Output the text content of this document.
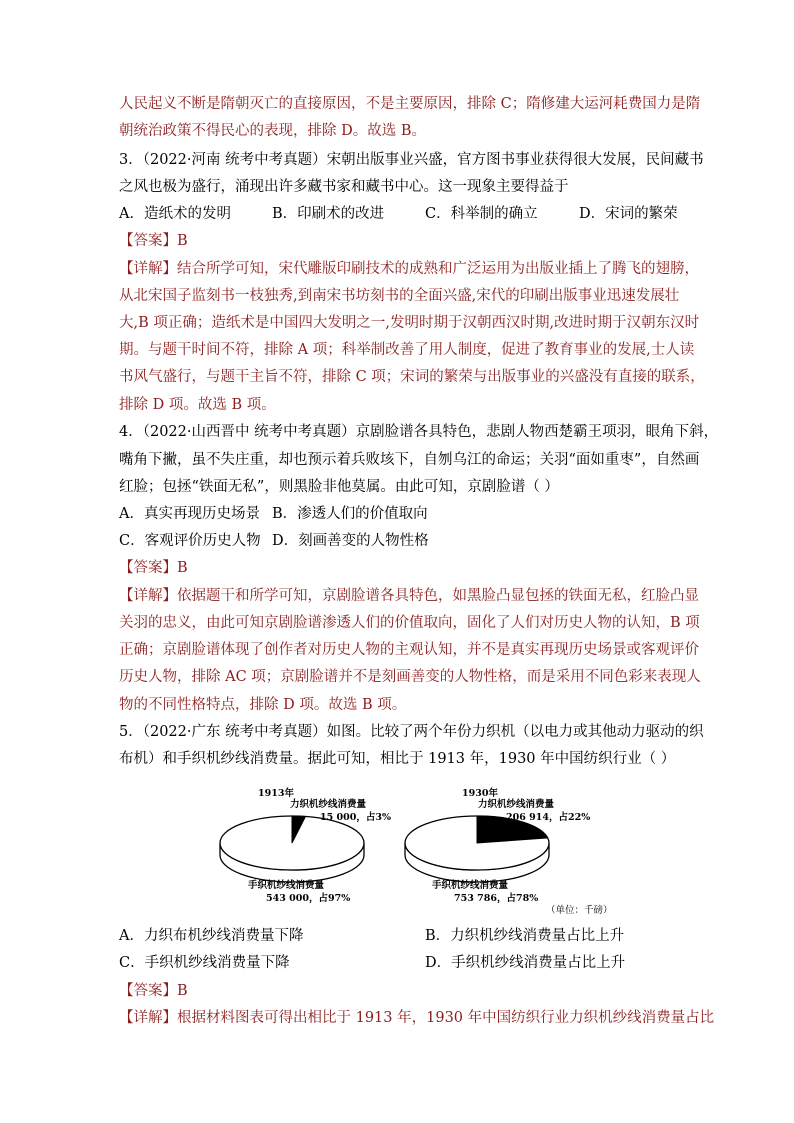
人民起义不断是隋朝灭亡的直接原因，不是主要原因，排除 C；隋修建大运河耗费国力是隋
朝统治政策不得民心的表现，排除 D。故选 B。
3．（2022·河南 统考中考真题）宋朝出版事业兴盛，官方图书事业获得很大发展，民间藏书
之风也极为盛行，涌现出许多藏书家和藏书中心。这一现象主要得益于
A．造纸术的发明	B．印刷术的改进	C．科举制的确立	D．宋词的繁荣
【答案】B
【详解】结合所学可知，宋代雕版印刷技术的成熟和广泛运用为出版业插上了腾飞的翅膀，
从北宋国子监刻书一枝独秀,到南宋书坊刻书的全面兴盛,宋代的印刷出版事业迅速发展壮
大,B 项正确；造纸术是中国四大发明之一,发明时期于汉朝西汉时期,改进时期于汉朝东汉时
期。与题干时间不符，排除 A 项；科举制改善了用人制度，促进了教育事业的发展,士人读
书风气盛行，与题干主旨不符，排除 C 项；宋词的繁荣与出版事业的兴盛没有直接的联系，
排除 D 项。故选 B 项。
4．（2022·山西晋中 统考中考真题）京剧脸谱各具特色，悲剧人物西楚霸王项羽，眼角下斜，
嘴角下撇，虽不失庄重，却也预示着兵败垓下，自刎乌江的命运；关羽“面如重枣”，自然画
红脸；包拯“铁面无私”，则黑脸非他莫属。由此可知，京剧脸谱（ ）
A．真实再现历史场景 B．渗透人们的价值取向
C．客观评价历史人物 D．刻画善变的人物性格
【答案】B
【详解】依据题干和所学可知，京剧脸谱各具特色，如黑脸凸显包拯的铁面无私，红脸凸显
关羽的忠义，由此可知京剧脸谱渗透人们的价值取向，固化了人们对历史人物的认知，B 项
正确；京剧脸谱体现了创作者对历史人物的主观认知，并不是真实再现历史场景或客观评价
历史人物，排除 AC 项；京剧脸谱并不是刻画善变的人物性格，而是采用不同色彩来表现人
物的不同性格特点，排除 D 项。故选 B 项。
5．（2022·广东 统考中考真题）如图。比较了两个年份力织机（以电力或其他动力驱动的织
布机）和手织机纱线消费量。据此可知，相比于 1913 年，1930 年中国纺织行业（ ）
1913年
力织机纱线消费量
15 000，占3%
手织机纱线消费量
543 000，占97%
1930年
力织机纱线消费量
206 914，占22%
手织机纱线消费量
753 786，占78%
（单位：千磅）
A．力织布机纱线消费量下降	B．力织机纱线消费量占比上升
C．手织机纱线消费量下降	D．手织机纱线消费量占比上升
【答案】B
【详解】根据材料图表可得出相比于 1913 年，1930 年中国纺织行业力织机纱线消费量占比
